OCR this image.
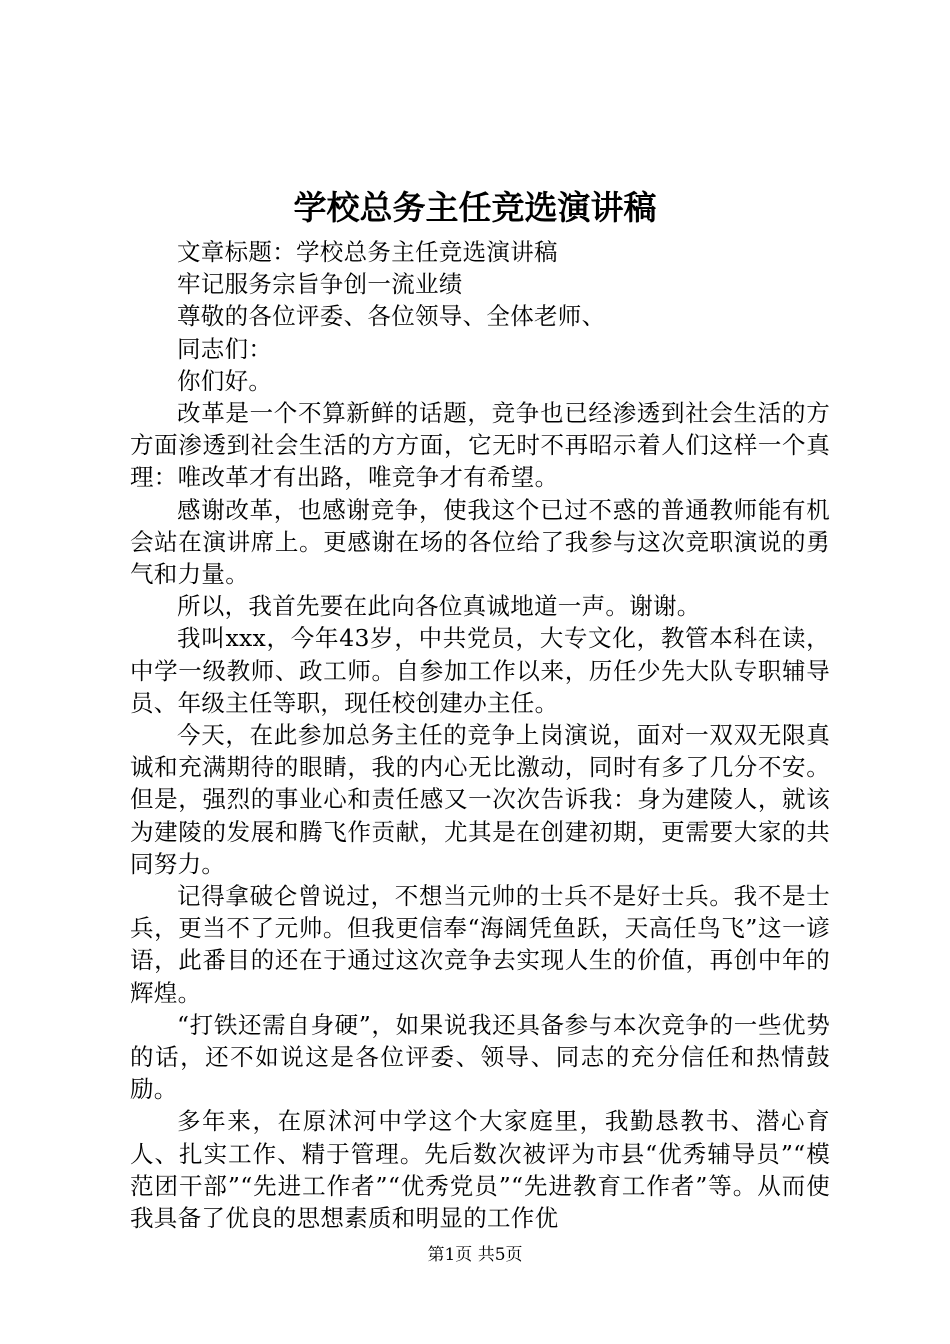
学校总务主任竞选演讲稿

文章标题：学校总务主任竞选演讲稿

牢记服务宗旨争创一流业绩

尊敬的各位评委、各位领导、全体老师、

同志们：

你们好。

改革是一个不算新鲜的话题，竞争也已经渗透到社会生活的方方面渗透到社会生活的方方面，它无时不再昭示着人们这样一个真理：唯改革才有出路，唯竞争才有希望。

感谢改革，也感谢竞争，使我这个已过不惑的普通教师能有机会站在演讲席上。更感谢在场的各位给了我参与这次竞职演说的勇气和力量。

所以，我首先要在此向各位真诚地道一声。谢谢。

我叫xxx，今年43岁，中共党员，大专文化，教管本科在读，中学一级教师、政工师。自参加工作以来，历任少先大队专职辅导员、年级主任等职，现任校创建办主任。

今天，在此参加总务主任的竞争上岗演说，面对一双双无限真诚和充满期待的眼睛，我的内心无比激动，同时有多了几分不安。但是，强烈的事业心和责任感又一次次告诉我：身为建陵人，就该为建陵的发展和腾飞作贡献，尤其是在创建初期，更需要大家的共同努力。

记得拿破仑曾说过，不想当元帅的士兵不是好士兵。我不是士兵，更当不了元帅。但我更信奉“海阔凭鱼跃，天高任鸟飞”这一谚语，此番目的还在于通过这次竞争去实现人生的价值，再创中年的辉煌。

“打铁还需自身硬”，如果说我还具备参与本次竞争的一些优势的话，还不如说这是各位评委、领导、同志的充分信任和热情鼓励。

多年来，在原沭河中学这个大家庭里，我勤恳教书、潜心育人、扎实工作、精于管理。先后数次被评为市县“优秀辅导员”“模范团干部”“先进工作者”“优秀党员”“先进教育工作者”等。从而使我具备了优良的思想素质和明显的工作优

第1页 共5页
